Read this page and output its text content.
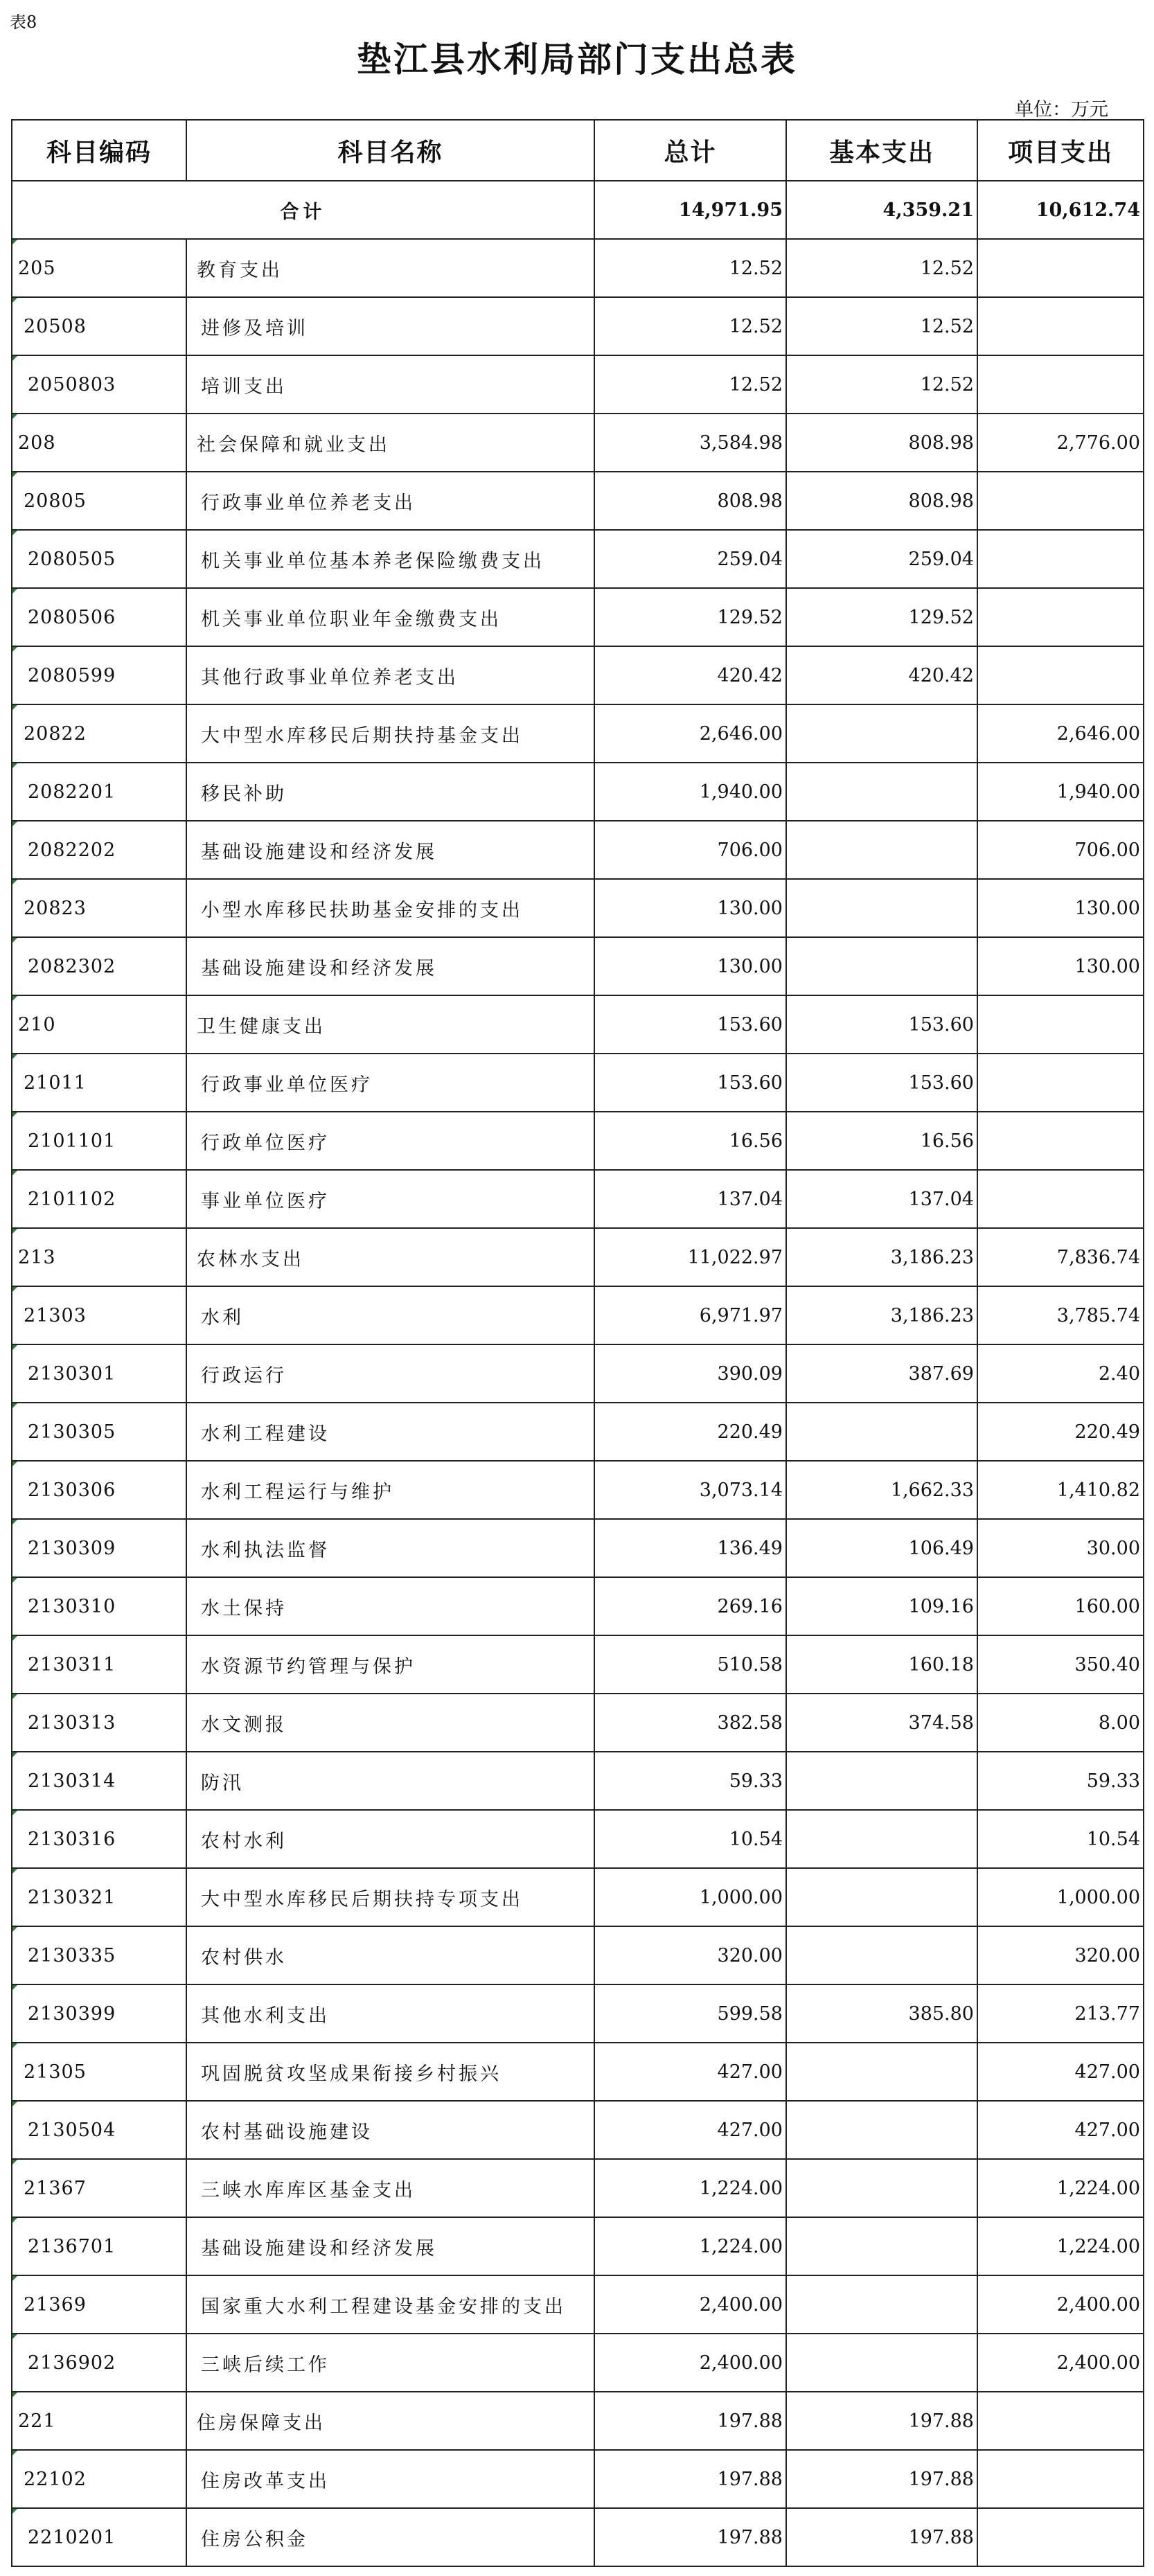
表8
垫江县水利局部门支出总表
单位：万元
科目编码	科目名称	总计	基本支出	项目支出
合计		14,971.95	4,359.21	10,612.74
205	教育支出	12.52	12.52	
20508	进修及培训	12.52	12.52	
2050803	培训支出	12.52	12.52	
208	社会保障和就业支出	3,584.98	808.98	2,776.00
20805	行政事业单位养老支出	808.98	808.98	
2080505	机关事业单位基本养老保险缴费支出	259.04	259.04	
2080506	机关事业单位职业年金缴费支出	129.52	129.52	
2080599	其他行政事业单位养老支出	420.42	420.42	
20822	大中型水库移民后期扶持基金支出	2,646.00		2,646.00
2082201	移民补助	1,940.00		1,940.00
2082202	基础设施建设和经济发展	706.00		706.00
20823	小型水库移民扶助基金安排的支出	130.00		130.00
2082302	基础设施建设和经济发展	130.00		130.00
210	卫生健康支出	153.60	153.60	
21011	行政事业单位医疗	153.60	153.60	
2101101	行政单位医疗	16.56	16.56	
2101102	事业单位医疗	137.04	137.04	
213	农林水支出	11,022.97	3,186.23	7,836.74
21303	水利	6,971.97	3,186.23	3,785.74
2130301	行政运行	390.09	387.69	2.40
2130305	水利工程建设	220.49		220.49
2130306	水利工程运行与维护	3,073.14	1,662.33	1,410.82
2130309	水利执法监督	136.49	106.49	30.00
2130310	水土保持	269.16	109.16	160.00
2130311	水资源节约管理与保护	510.58	160.18	350.40
2130313	水文测报	382.58	374.58	8.00
2130314	防汛	59.33		59.33
2130316	农村水利	10.54		10.54
2130321	大中型水库移民后期扶持专项支出	1,000.00		1,000.00
2130335	农村供水	320.00		320.00
2130399	其他水利支出	599.58	385.80	213.77
21305	巩固脱贫攻坚成果衔接乡村振兴	427.00		427.00
2130504	农村基础设施建设	427.00		427.00
21367	三峡水库库区基金支出	1,224.00		1,224.00
2136701	基础设施建设和经济发展	1,224.00		1,224.00
21369	国家重大水利工程建设基金安排的支出	2,400.00		2,400.00
2136902	三峡后续工作	2,400.00		2,400.00
221	住房保障支出	197.88	197.88	
22102	住房改革支出	197.88	197.88	
2210201	住房公积金	197.88	197.88	
